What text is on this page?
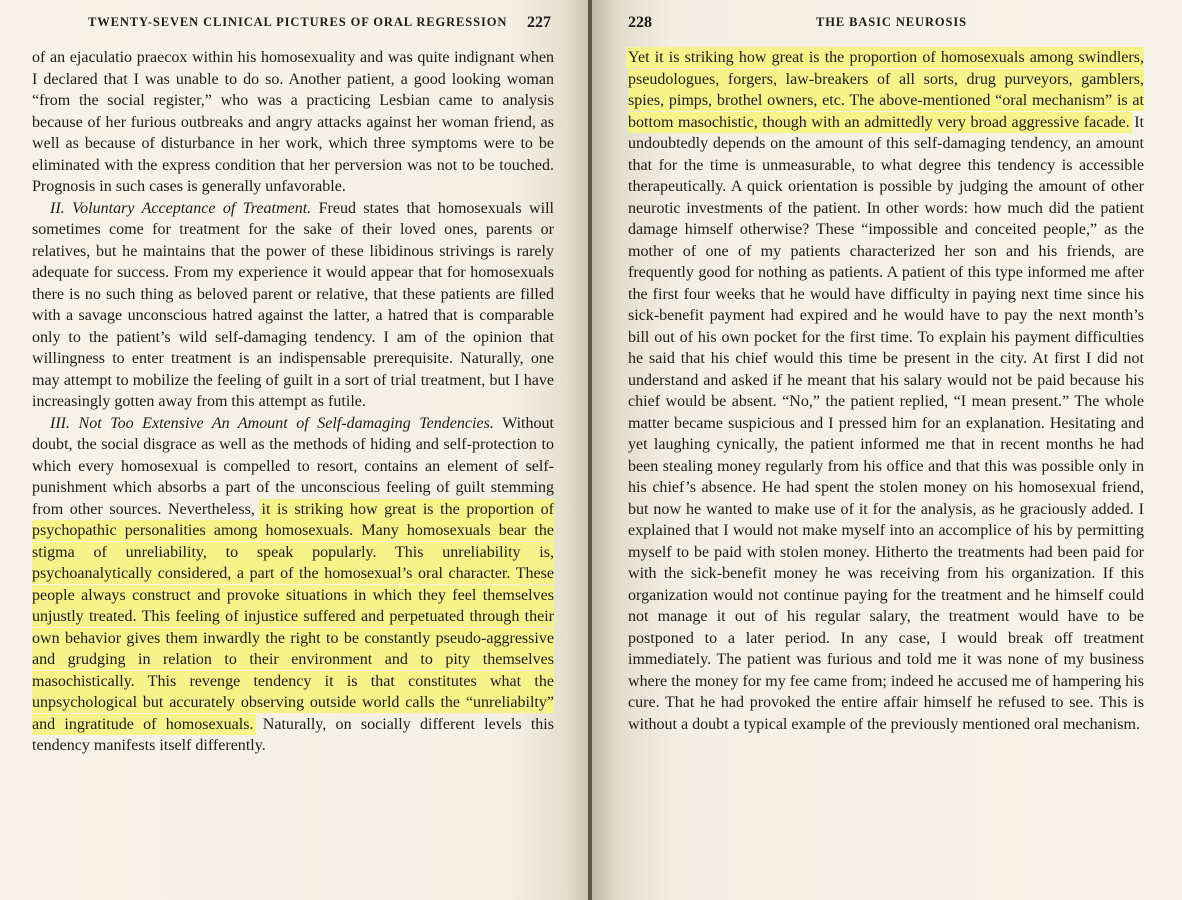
TWENTY-SEVEN CLINICAL PICTURES OF ORAL REGRESSION 227

of an ejaculatio praecox within his homosexuality and was quite indignant when I declared that I was unable to do so. Another patient, a good looking woman “from the social register,” who was a practicing Lesbian came to analysis because of her furious outbreaks and angry attacks against her woman friend, as well as because of disturbance in her work, which three symptoms were to be eliminated with the express condition that her perversion was not to be touched. Prognosis in such cases is generally unfavorable.

II. Voluntary Acceptance of Treatment. Freud states that homosexuals will sometimes come for treatment for the sake of their loved ones, parents or relatives, but he maintains that the power of these libidinous strivings is rarely adequate for success. From my experience it would appear that for homosexuals there is no such thing as beloved parent or relative, that these patients are filled with a savage unconscious hatred against the latter, a hatred that is comparable only to the patient’s wild self-damaging tendency. I am of the opinion that willingness to enter treatment is an indispensable prerequisite. Naturally, one may attempt to mobilize the feeling of guilt in a sort of trial treatment, but I have increasingly gotten away from this attempt as futile.

III. Not Too Extensive An Amount of Self-damaging Tendencies. Without doubt, the social disgrace as well as the methods of hiding and self-protection to which every homosexual is compelled to resort, contains an element of self-punishment which absorbs a part of the unconscious feeling of guilt stemming from other sources. Nevertheless, it is striking how great is the proportion of psychopathic personalities among homosexuals. Many homosexuals bear the stigma of unreliability, to speak popularly. This unreliability is, psychoanalytically considered, a part of the homosexual’s oral character. These people always construct and provoke situations in which they feel themselves unjustly treated. This feeling of injustice suffered and perpetuated through their own behavior gives them inwardly the right to be constantly pseudo-aggressive and grudging in relation to their environment and to pity themselves masochistically. This revenge tendency it is that constitutes what the unpsychological but accurately observing outside world calls the “unreliabilty” and ingratitude of homosexuals. Naturally, on socially different levels this tendency manifests itself differently.

228	THE BASIC NEUROSIS

Yet it is striking how great is the proportion of homosexuals among swindlers, pseudologues, forgers, law-breakers of all sorts, drug purveyors, gamblers, spies, pimps, brothel owners, etc. The above-mentioned “oral mechanism” is at bottom masochistic, though with an admittedly very broad aggressive facade. It undoubtedly depends on the amount of this self-damaging tendency, an amount that for the time is unmeasurable, to what degree this tendency is accessible therapeutically. A quick orientation is possible by judging the amount of other neurotic investments of the patient. In other words: how much did the patient damage himself otherwise? These “impossible and conceited people,” as the mother of one of my patients characterized her son and his friends, are frequently good for nothing as patients. A patient of this type informed me after the first four weeks that he would have difficulty in paying next time since his sick-benefit payment had expired and he would have to pay the next month’s bill out of his own pocket for the first time. To explain his payment difficulties he said that his chief would this time be present in the city. At first I did not understand and asked if he meant that his salary would not be paid because his chief would be absent. “No,” the patient replied, “I mean present.” The whole matter became suspicious and I pressed him for an explanation. Hesitating and yet laughing cynically, the patient informed me that in recent months he had been stealing money regularly from his office and that this was possible only in his chief’s absence. He had spent the stolen money on his homosexual friend, but now he wanted to make use of it for the analysis, as he graciously added. I explained that I would not make myself into an accomplice of his by permitting myself to be paid with stolen money. Hitherto the treatments had been paid for with the sick-benefit money he was receiving from his organization. If this organization would not continue paying for the treatment and he himself could not manage it out of his regular salary, the treatment would have to be postponed to a later period. In any case, I would break off treatment immediately. The patient was furious and told me it was none of my business where the money for my fee came from; indeed he accused me of hampering his cure. That he had provoked the entire affair himself he refused to see. This is without a doubt a typical example of the previously mentioned oral mechanism.
